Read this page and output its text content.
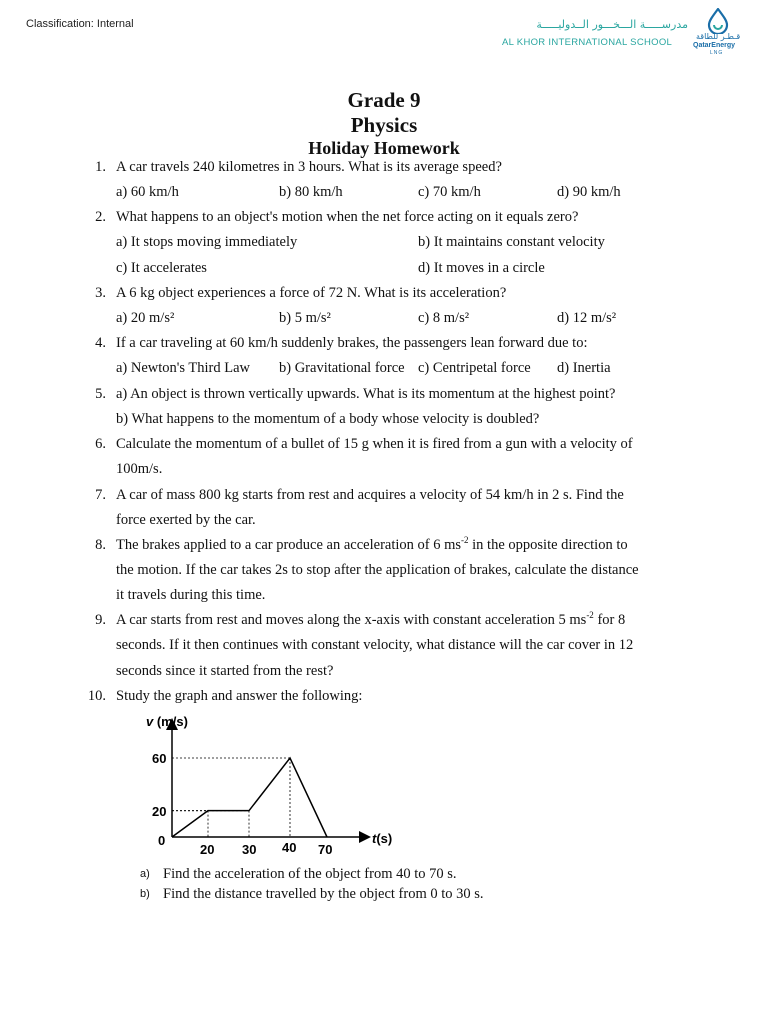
Classification: Internal	مدرســـــة الـــخـــور الــدوليـــــة
AL KHOR INTERNATIONAL SCHOOL
قـطـر للطاقة
QatarEnergy
LNG
Grade 9
Physics
Holiday Homework
1. A car travels 240 kilometres in 3 hours. What is its average speed?
a) 60 km/h	b) 80 km/h	c) 70 km/h	d) 90 km/h
2. What happens to an object's motion when the net force acting on it equals zero?
a) It stops moving immediately	b) It maintains constant velocity
c) It accelerates	d) It moves in a circle
3. A 6 kg object experiences a force of 72 N. What is its acceleration?
a) 20 m/s²	b) 5 m/s²	c) 8 m/s²	d) 12 m/s²
4. If a car traveling at 60 km/h suddenly brakes, the passengers lean forward due to:
a) Newton's Third Law b) Gravitational force c) Centripetal force d) Inertia
5. a) An object is thrown vertically upwards. What is its momentum at the highest point?
b) What happens to the momentum of a body whose velocity is doubled?
6. Calculate the momentum of a bullet of 15 g when it is fired from a gun with a velocity of
100m/s.
7. A car of mass 800 kg starts from rest and acquires a velocity of 54 km/h in 2 s. Find the
force exerted by the car.
8. The brakes applied to a car produce an acceleration of 6 $ms^{-2}$ in the opposite direction to
the motion. If the car takes 2s to stop after the application of brakes, calculate the distance
it travels during this time.
9. A car starts from rest and moves along the x-axis with constant acceleration 5 $ms^{-2}$ for 8
seconds. If it then continues with constant velocity, what distance will the car cover in 12
seconds since it started from the rest?
10. Study the graph and answer the following:
v (m/s)
60
20
0
20 30 40 70
t(s)
a) Find the acceleration of the object from 40 to 70 s.
b) Find the distance travelled by the object from 0 to 30 s.
